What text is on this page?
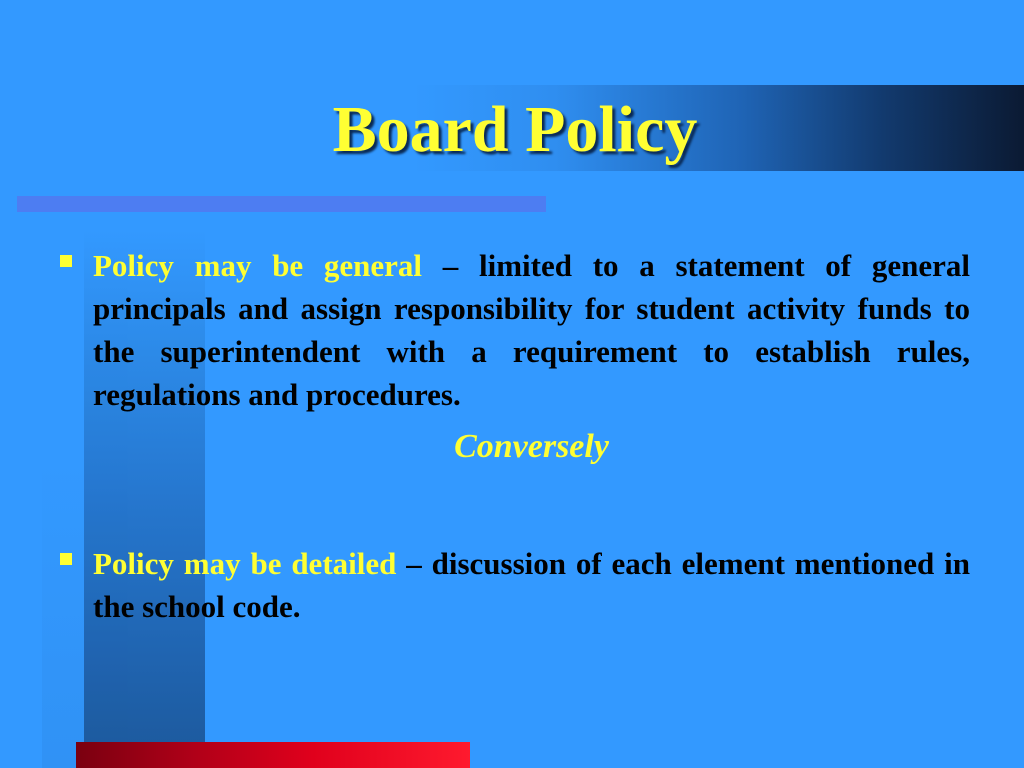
Board Policy
Policy may be general – limited to a statement of general principals and assign responsibility for student activity funds to the superintendent with a requirement to establish rules, regulations and procedures.
Conversely
Policy may be detailed – discussion of each element mentioned in the school code.
